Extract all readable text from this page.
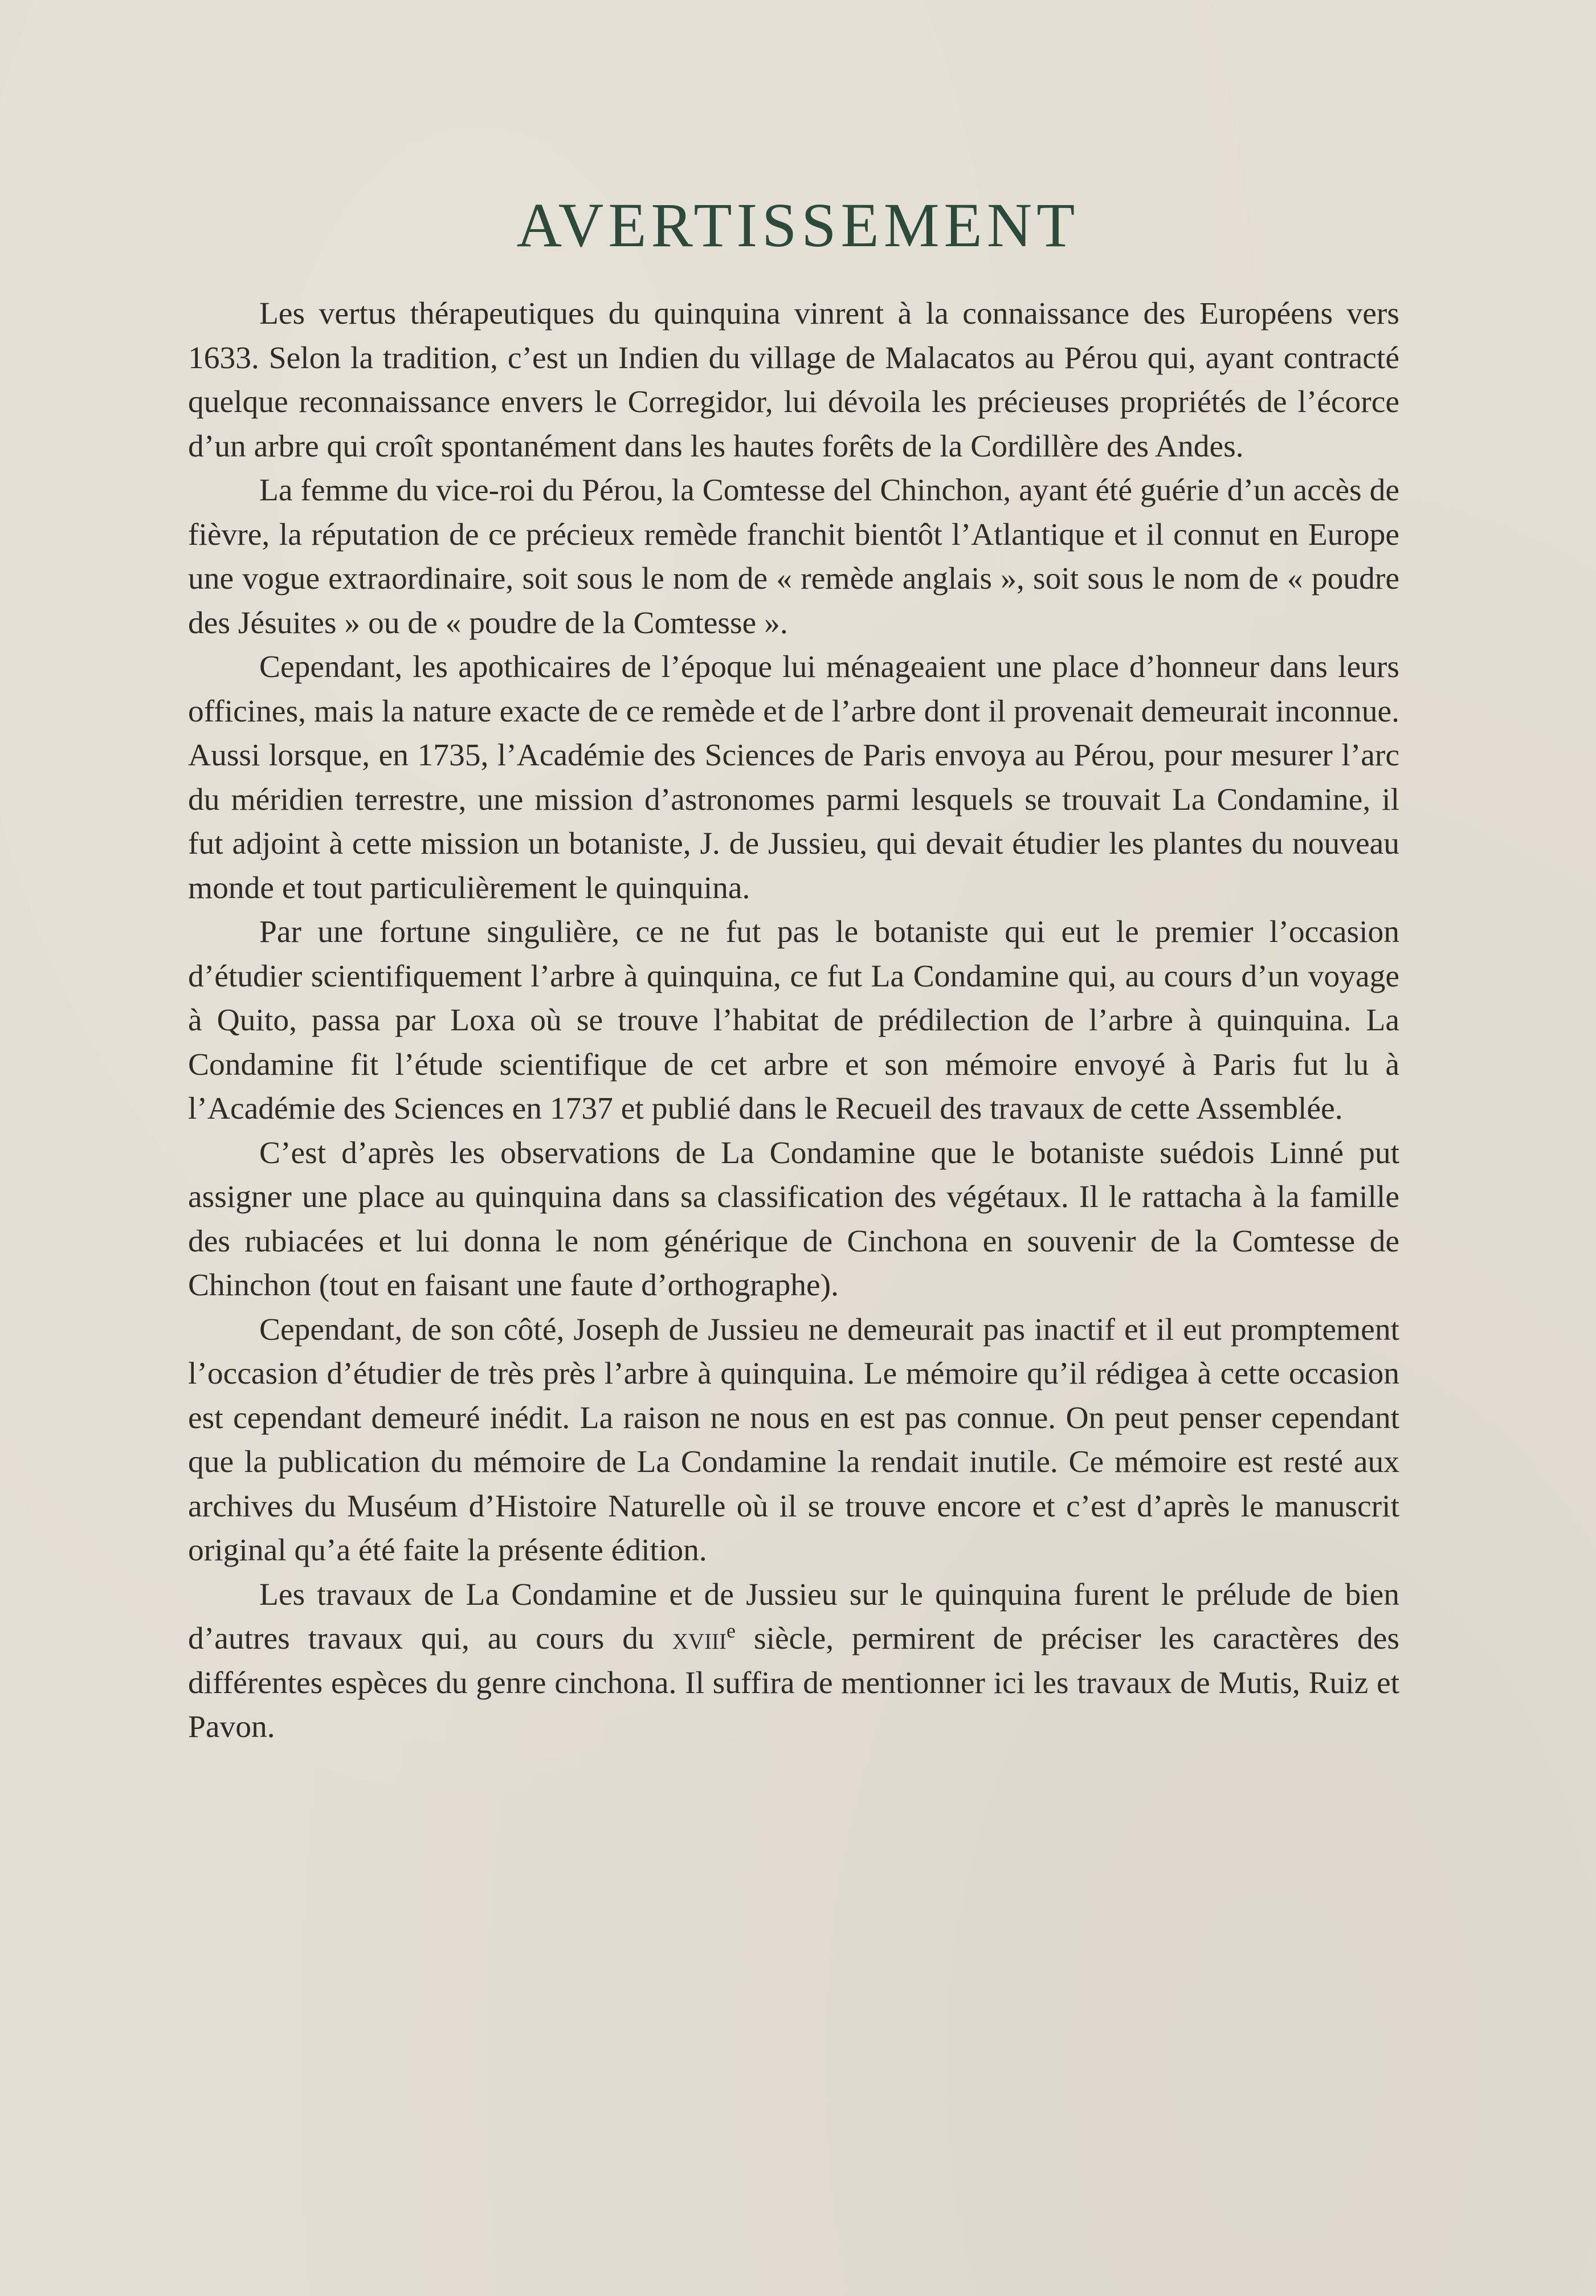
AVERTISSEMENT

Les vertus thérapeutiques du quinquina vinrent à la connaissance des Européens vers 1633. Selon la tradition, c’est un Indien du village de Malacatos au Pérou qui, ayant contracté quelque reconnaissance envers le Corregidor, lui dévoila les précieuses propriétés de l’écorce d’un arbre qui croît spontanément dans les hautes forêts de la Cordillère des Andes.

La femme du vice-roi du Pérou, la Comtesse del Chinchon, ayant été guérie d’un accès de fièvre, la réputation de ce précieux remède franchit bientôt l’Atlantique et il connut en Europe une vogue extraordinaire, soit sous le nom de « remède anglais », soit sous le nom de « poudre des Jésuites » ou de « poudre de la Comtesse ».

Cependant, les apothicaires de l’époque lui ménageaient une place d’honneur dans leurs officines, mais la nature exacte de ce remède et de l’arbre dont il provenait demeurait inconnue. Aussi lorsque, en 1735, l’Académie des Sciences de Paris envoya au Pérou, pour mesurer l’arc du méridien terrestre, une mission d’astronomes parmi lesquels se trouvait La Condamine, il fut adjoint à cette mission un botaniste, J. de Jussieu, qui devait étudier les plantes du nouveau monde et tout particulièrement le quinquina.

Par une fortune singulière, ce ne fut pas le botaniste qui eut le premier l’occasion d’étudier scientifiquement l’arbre à quinquina, ce fut La Condamine qui, au cours d’un voyage à Quito, passa par Loxa où se trouve l’habitat de prédilection de l’arbre à quinquina. La Condamine fit l’étude scientifique de cet arbre et son mémoire envoyé à Paris fut lu à l’Académie des Sciences en 1737 et publié dans le Recueil des travaux de cette Assemblée.

C’est d’après les observations de La Condamine que le botaniste suédois Linné put assigner une place au quinquina dans sa classification des végétaux. Il le rattacha à la famille des rubiacées et lui donna le nom générique de Cinchona en souvenir de la Comtesse de Chinchon (tout en faisant une faute d’orthographe).

Cependant, de son côté, Joseph de Jussieu ne demeurait pas inactif et il eut promptement l’occasion d’étudier de très près l’arbre à quinquina. Le mémoire qu’il rédigea à cette occasion est cependant demeuré inédit. La raison ne nous en est pas connue. On peut penser cependant que la publication du mémoire de La Condamine la rendait inutile. Ce mémoire est resté aux archives du Muséum d’Histoire Naturelle où il se trouve encore et c’est d’après le manuscrit original qu’a été faite la présente édition.

Les travaux de La Condamine et de Jussieu sur le quinquina furent le prélude de bien d’autres travaux qui, au cours du xviii$^e$ siècle, permirent de préciser les caractères des différentes espèces du genre cinchona. Il suffira de mentionner ici les travaux de Mutis, Ruiz et Pavon.
